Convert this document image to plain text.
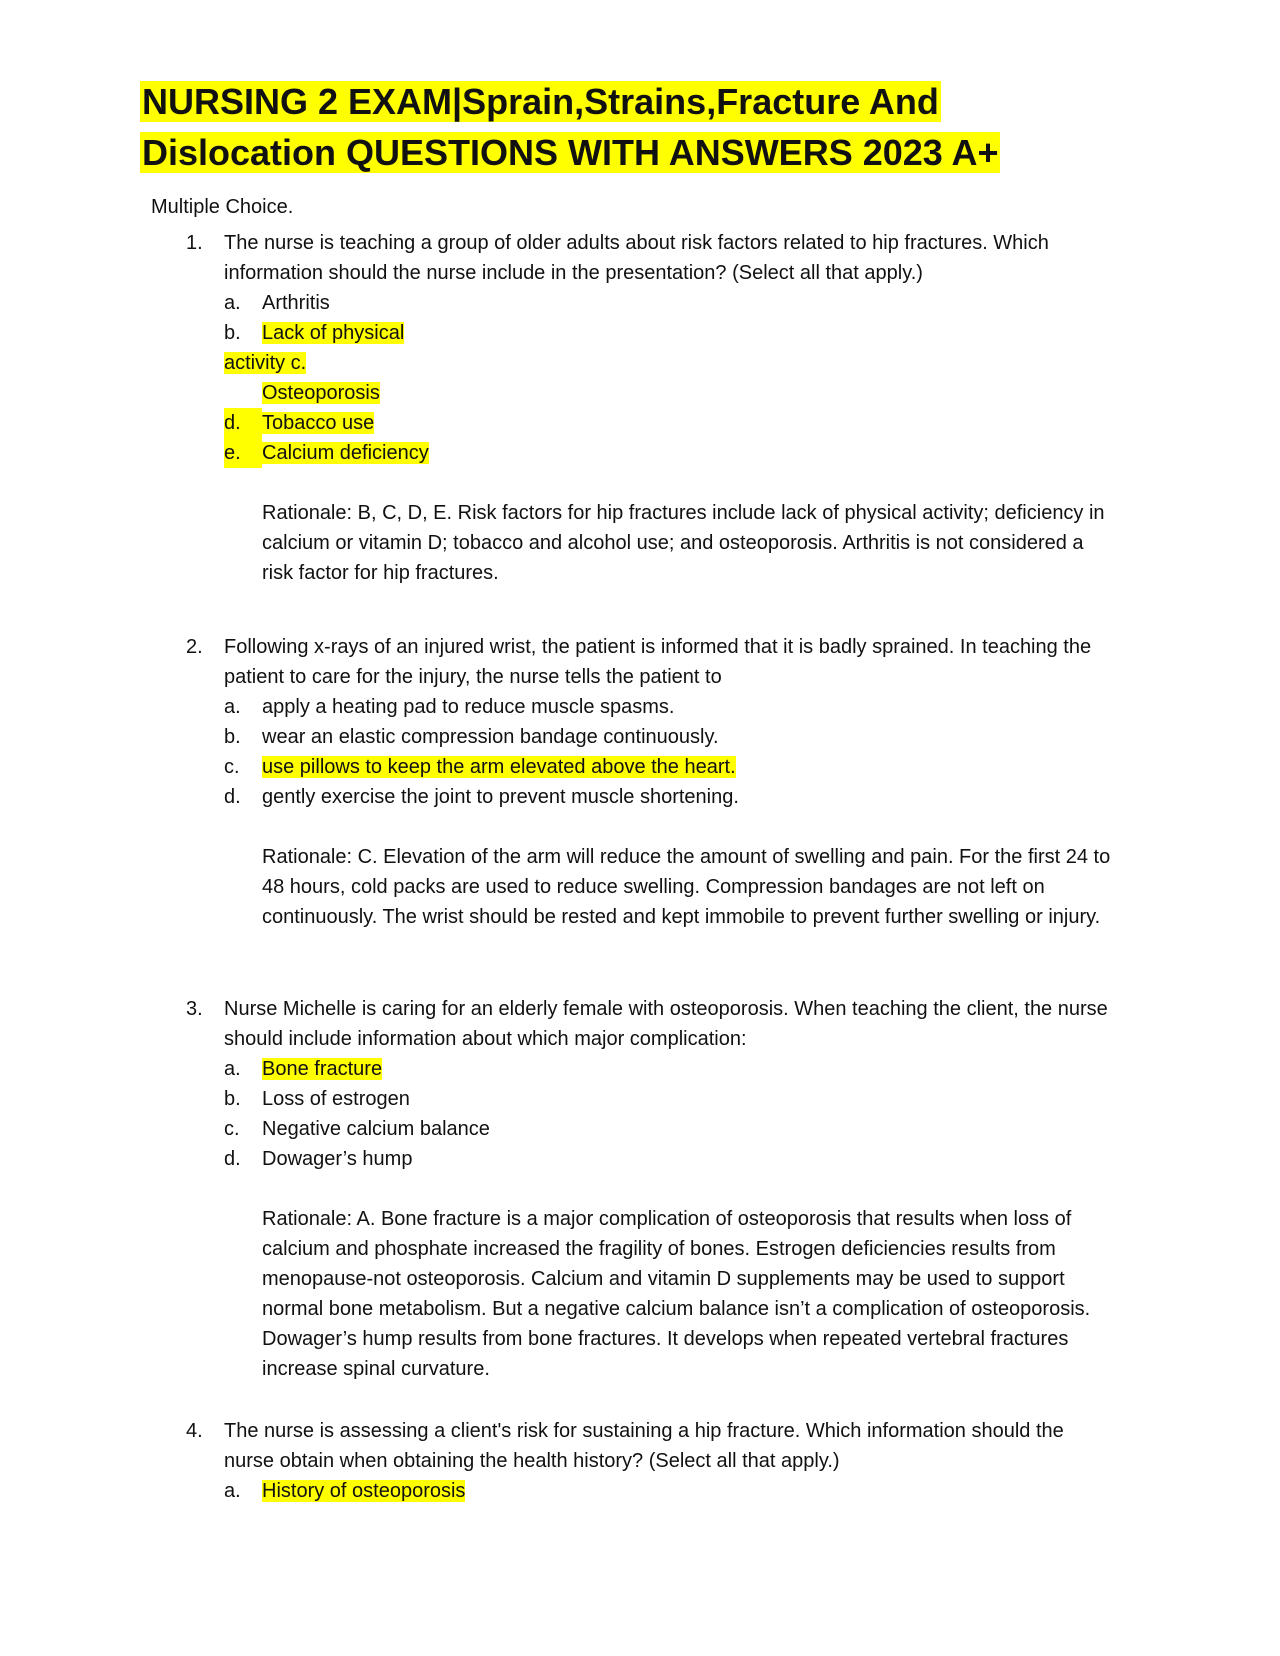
NURSING 2 EXAM|Sprain,Strains,Fracture And
Dislocation QUESTIONS WITH ANSWERS 2023 A+

Multiple Choice.

1.	The nurse is teaching a group of older adults about risk factors related to hip fractures. Which information should the nurse include in the presentation? (Select all that apply.)
a.	Arthritis
b.	Lack of physical
activity c.
Osteoporosis
d.	Tobacco use
e.	Calcium deficiency
Rationale: B, C, D, E. Risk factors for hip fractures include lack of physical activity; deficiency in calcium or vitamin D; tobacco and alcohol use; and osteoporosis. Arthritis is not considered a risk factor for hip fractures.
2.	Following x-rays of an injured wrist, the patient is informed that it is badly sprained. In teaching the patient to care for the injury, the nurse tells the patient to
a.	apply a heating pad to reduce muscle spasms.
b.	wear an elastic compression bandage continuously.
c.	use pillows to keep the arm elevated above the heart.
d.	gently exercise the joint to prevent muscle shortening.
Rationale: C. Elevation of the arm will reduce the amount of swelling and pain. For the first 24 to 48 hours, cold packs are used to reduce swelling. Compression bandages are not left on continuously. The wrist should be rested and kept immobile to prevent further swelling or injury.
3.	Nurse Michelle is caring for an elderly female with osteoporosis. When teaching the client, the nurse should include information about which major complication:
a.	Bone fracture
b.	Loss of estrogen
c.	Negative calcium balance
d.	Dowager’s hump
Rationale: A. Bone fracture is a major complication of osteoporosis that results when loss of calcium and phosphate increased the fragility of bones. Estrogen deficiencies results from menopause-not osteoporosis. Calcium and vitamin D supplements may be used to support normal bone metabolism. But a negative calcium balance isn’t a complication of osteoporosis. Dowager’s hump results from bone fractures. It develops when repeated vertebral fractures increase spinal curvature.
4.	The nurse is assessing a client's risk for sustaining a hip fracture. Which information should the nurse obtain when obtaining the health history? (Select all that apply.)
a.	History of osteoporosis
